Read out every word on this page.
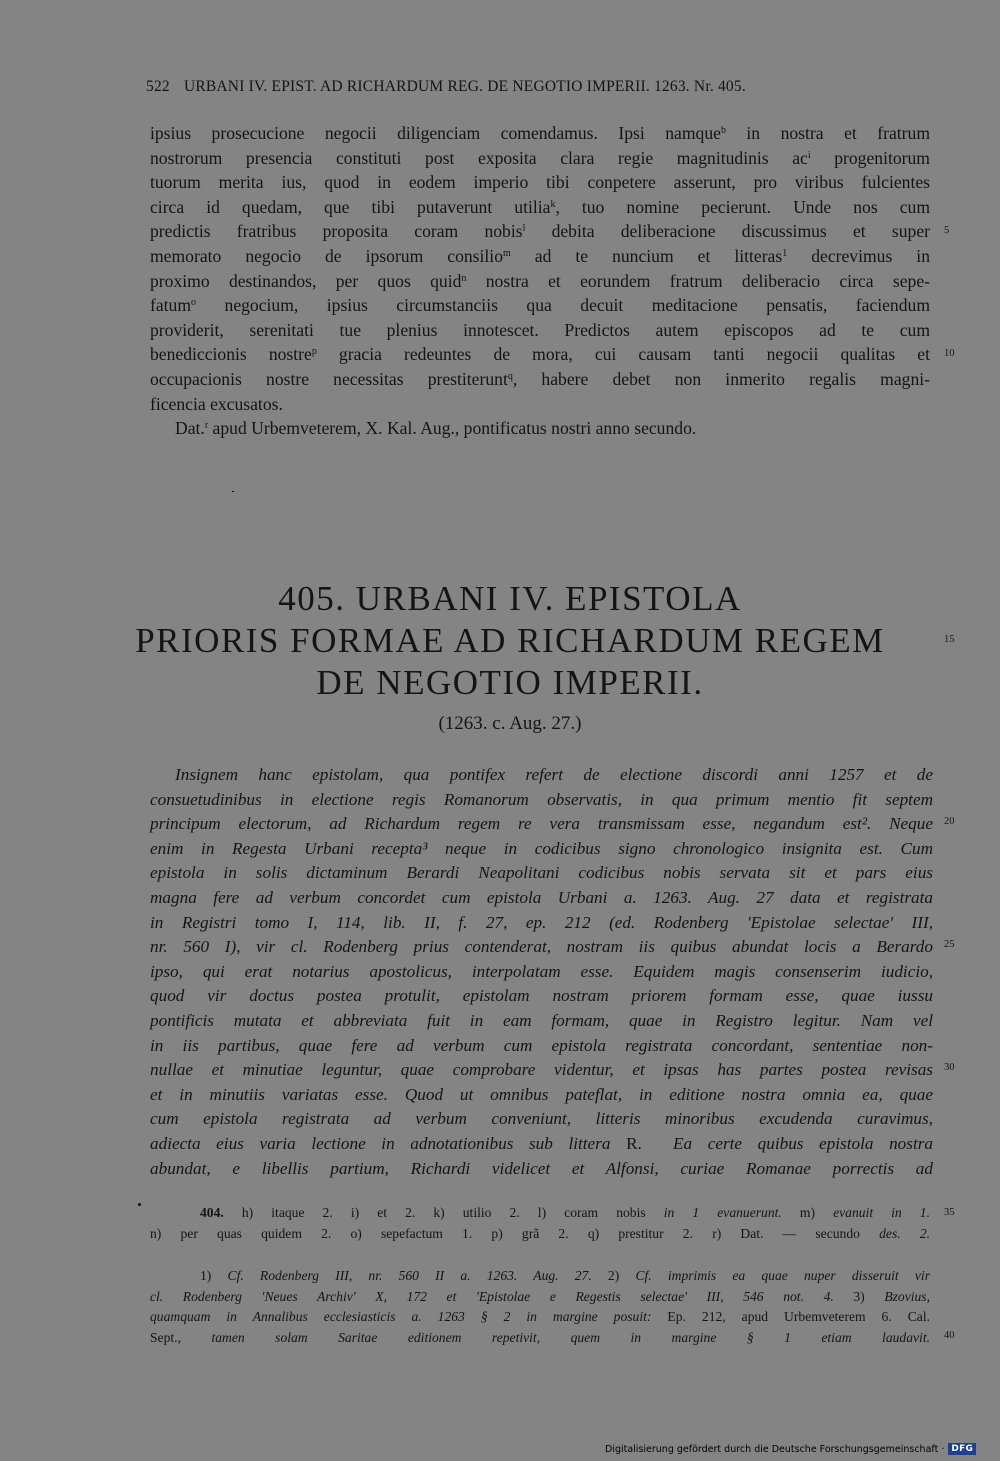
522 URBANI IV. EPIST. AD RICHARDUM REG. DE NEGOTIO IMPERII. 1263. Nr. 405.
ipsius prosecucione negocii diligenciam comendamus. Ipsi namque$^b$ in nostra et fratrum
nostrorum presencia constituti post exposita clara regie magnitudinis $ac^i$ progenitorum
tuorum merita ius, quod in eodem imperio tibi conpetere asserunt, pro viribus fulcientes
circa id quedam, que tibi putaverunt utilia$^k$, tuo nomine pecierunt. Unde nos cum
predictis fratribus proposita coram nobis$^l$ debita deliberacione discussimus et super
memorato negocio de ipsorum consilio$^m$ ad te nuncium et litteras$^1$ decrevimus in
proximo destinandos, per quos quid$^n$ nostra et eorundem fratrum deliberacio circa sepe-
fatum$^o$ negocium, ipsius circumstanciis qua decuit meditacione pensatis, faciendum
providerit, serenitati tue plenius innotescet. Predictos autem episcopos ad te cum
benediccionis nostre$^p$ gracia redeuntes de mora, cui causam tanti negocii qualitas et
occupacionis nostre necessitas prestiterunt$^q$, habere debet non inmerito regalis magni-
ficencia excusatos.
Dat.$^r$ apud Urbemveterem, X. Kal. Aug., pontificatus nostri anno secundo.
405. URBANI IV. EPISTOLA
PRIORIS FORMAE AD RICHARDUM REGEM
DE NEGOTIO IMPERII.
(1263. c. Aug. 27.)
Insignem hanc epistolam, qua pontifex refert de electione discordi anni 1257 et de
consuetudinibus in electione regis Romanorum observatis, in qua primum mentio fit septem
principum electorum, ad Richardum regem re vera transmissam esse, negandum est². Neque
enim in Regesta Urbani recepta³ neque in codicibus signo chronologico insignita est. Cum
epistola in solis dictaminum Berardi Neapolitani codicibus nobis servata sit et pars eius
magna fere ad verbum concordet cum epistola Urbani a. 1263. Aug. 27 data et registrata
in Registri tomo I, 114, lib. II, f. 27, ep. 212 (ed. Rodenberg 'Epistolae selectae' III,
nr. 560 I), vir cl. Rodenberg prius contenderat, nostram iis quibus abundat locis a Berardo
ipso, qui erat notarius apostolicus, interpolatam esse. Equidem magis consenserim iudicio,
quod vir doctus postea protulit, epistolam nostram priorem formam esse, quae iussu
pontificis mutata et abbreviata fuit in eam formam, quae in Registro legitur. Nam vel
in iis partibus, quae fere ad verbum cum epistola registrata concordant, sententiae non-
nullae et minutiae leguntur, quae comprobare videntur, et ipsas has partes postea revisas
et in minutiis variatas esse. Quod ut omnibus pateflat, in editione nostra omnia ea, quae
cum epistola registrata ad verbum conveniunt, litteris minoribus excudenda curavimus,
adiecta eius varia lectione in adnotationibus sub littera R. Ea certe quibus epistola nostra
abundat, e libellis partium, Richardi videlicet et Alfonsi, curiae Romanae porrectis ad
5
10
15
20
25
30
35
40
404. h) itaque 2. i) et 2. k) utilio 2. l) coram nobis in 1 evanuerunt. m) evanuit in 1.
n) per quas quidem 2. o) sepefactum 1. p) grã 2. q) prestitur 2. r) Dat. — secundo des. 2.
1) Cf. Rodenberg III, nr. 560 II a. 1263. Aug. 27. 2) Cf. imprimis ea quae nuper disseruit vir
cl. Rodenberg 'Neues Archiv' X, 172 et 'Epistolae e Regestis selectae' III, 546 not. 4. 3) Bzovius,
quamquam in Annalibus ecclesiasticis a. 1263 § 2 in margine posuit: Ep. 212, apud Urbemveterem 6. Cal.
Sept., tamen solam Saritae editionem repetivit, quem in margine § 1 etiam laudavit.
Digitalisierung gefördert durch die Deutsche Forschungsgemeinschaft · DFG
